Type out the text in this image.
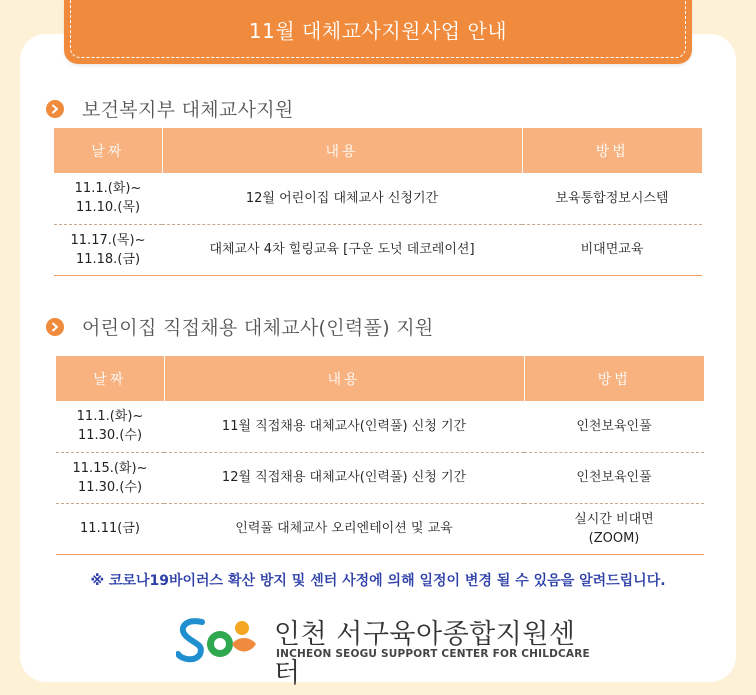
11월 대체교사지원사업 안내
보건복지부 대체교사지원
날짜	내용	방법
11.1.(화)~
11.10.(목)	12월 어린이집 대체교사 신청기간	보육통합정보시스템
11.17.(목)~
11.18.(금)	대체교사 4차 힐링교육 [구운 도넛 데코레이션]	비대면교육
어린이집 직접채용 대체교사(인력풀) 지원
날짜	내용	방법
11.1.(화)~
11.30.(수)	11월 직접채용 대체교사(인력풀) 신청 기간	인천보육인풀
11.15.(화)~
11.30.(수)	12월 직접채용 대체교사(인력풀) 신청 기간	인천보육인풀
11.11(금)	인력풀 대체교사 오리엔테이션 및 교육	실시간 비대면
(ZOOM)
※ 코로나19바이러스 확산 방지 및 센터 사정에 의해 일정이 변경 될 수 있음을 알려드립니다.
인천 서구육아종합지원센터
INCHEON SEOGU SUPPORT CENTER FOR CHILDCARE
